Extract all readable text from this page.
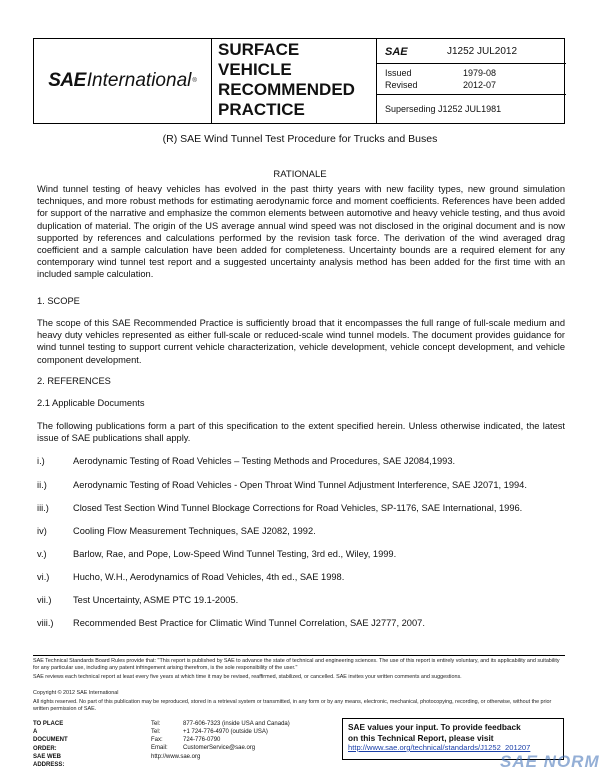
SAE International ®
SURFACE
VEHICLE
RECOMMENDED
PRACTICE
SAE	J1252 JUL2012
Issued	1979-08
Revised	2012-07
Superseding J1252 JUL1981
(R) SAE Wind Tunnel Test Procedure for Trucks and Buses
RATIONALE
Wind tunnel testing of heavy vehicles has evolved in the past thirty years with new facility types, new ground simulation techniques, and more robust methods for estimating aerodynamic force and moment coefficients. References have been added for support of the narrative and emphasize the common elements between automotive and heavy vehicle testing, and thus avoid duplication of material. The origin of the US average annual wind speed was not disclosed in the original document and is now supported by references and calculations performed by the revision task force. The derivation of the wind averaged drag coefficient and a sample calculation have been added for completeness. Uncertainty bounds are a required element for any contemporary wind tunnel test report and a suggested uncertainty analysis method has been added for the first time with an included sample calculation.
1. SCOPE
The scope of this SAE Recommended Practice is sufficiently broad that it encompasses the full range of full-scale medium and heavy duty vehicles represented as either full-scale or reduced-scale wind tunnel models. The document provides guidance for wind tunnel testing to support current vehicle characterization, vehicle development, vehicle concept development, and vehicle component development.
2. REFERENCES
2.1 Applicable Documents
The following publications form a part of this specification to the extent specified herein. Unless otherwise indicated, the latest issue of SAE publications shall apply.
i.)	Aerodynamic Testing of Road Vehicles – Testing Methods and Procedures, SAE J2084,1993.
ii.)	Aerodynamic Testing of Road Vehicles - Open Throat Wind Tunnel Adjustment Interference, SAE J2071, 1994.
iii.)	Closed Test Section Wind Tunnel Blockage Corrections for Road Vehicles, SP-1176, SAE International, 1996.
iv)	Cooling Flow Measurement Techniques, SAE J2082, 1992.
v.)	Barlow, Rae, and Pope, Low-Speed Wind Tunnel Testing, 3rd ed., Wiley, 1999.
vi.)	Hucho, W.H., Aerodynamics of Road Vehicles, 4th ed., SAE 1998.
vii.) Test Uncertainty, ASME PTC 19.1-2005.
viii.) Recommended Best Practice for Climatic Wind Tunnel Correlation, SAE J2777, 2007.
SAE Technical Standards Board Rules provide that: "This report is published by SAE to advance the state of technical and engineering sciences. The use of this report is entirely voluntary, and its applicability and suitability for any particular use, including any patent infringement arising therefrom, is the sole responsibility of the user."
SAE reviews each technical report at least every five years at which time it may be revised, reaffirmed, stabilized, or cancelled. SAE invites your written comments and suggestions.
Copyright © 2012 SAE International
All rights reserved. No part of this publication may be reproduced, stored in a retrieval system or transmitted, in any form or by any means, electronic, mechanical, photocopying, recording, or otherwise, without the prior written permission of SAE.
TO PLACE A DOCUMENT ORDER:
Tel:	877-606-7323 (inside USA and Canada)
Tel:	+1 724-776-4970 (outside USA)
Fax:	724-776-0790
Email:	CustomerService@sae.org
SAE WEB ADDRESS:
http://www.sae.org
SAE values your input. To provide feedback
on this Technical Report, please visit
http://www.sae.org/technical/standards/J1252_201207
SAE NORM
